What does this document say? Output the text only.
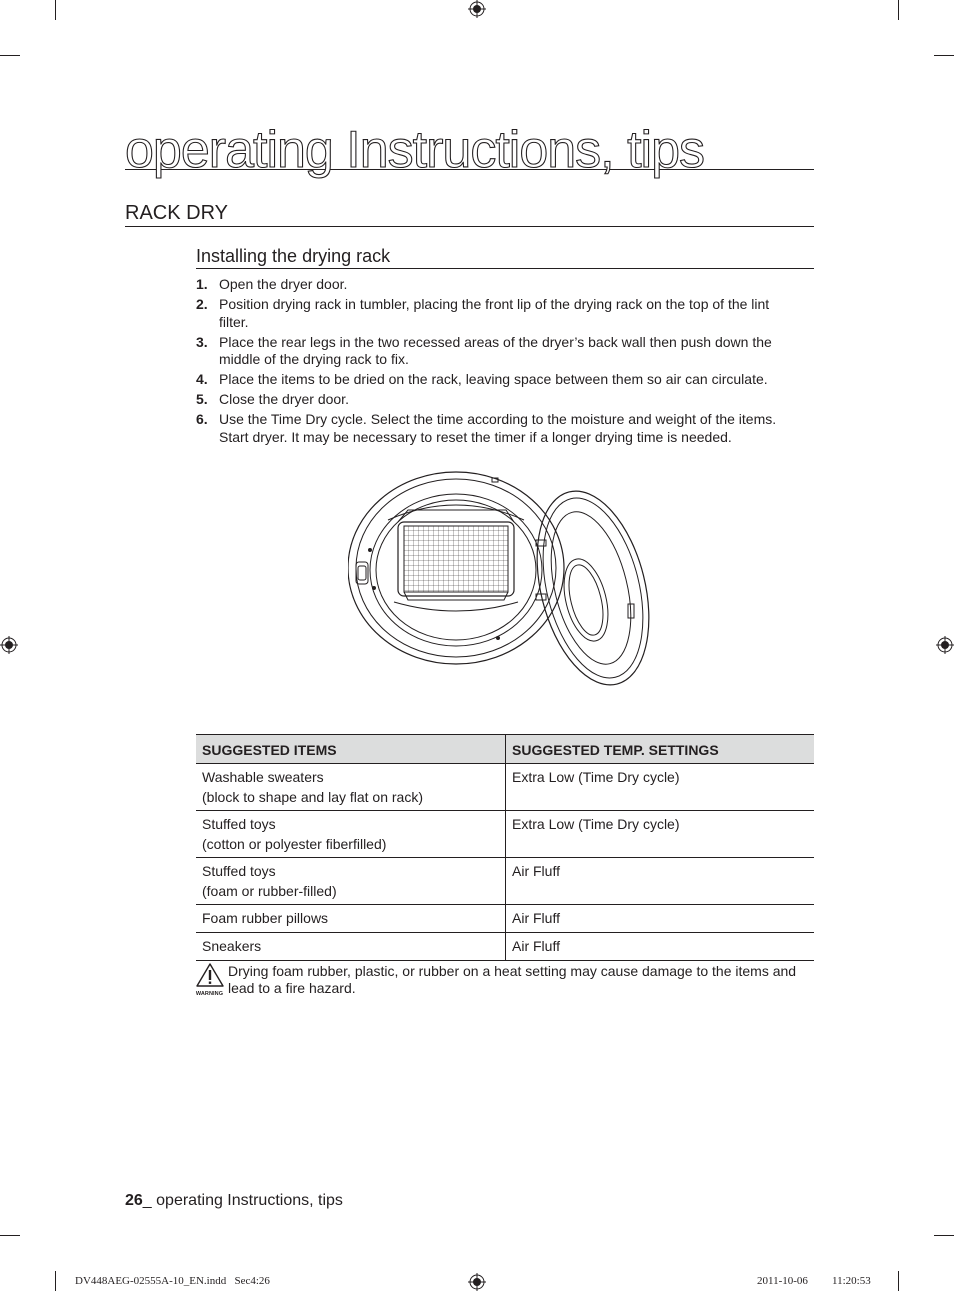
operating Instructions, tips
RACK DRY
Installing the drying rack
1. Open the dryer door.
2. Position drying rack in tumbler, placing the front lip of the drying rack on the top of the lint filter.
3. Place the rear legs in the two recessed areas of the dryer’s back wall then push down the middle of the drying rack to fix.
4. Place the items to be dried on the rack, leaving space between them so air can circulate.
5. Close the dryer door.
6. Use the Time Dry cycle. Select the time according to the moisture and weight of the items. Start dryer. It may be necessary to reset the timer if a longer drying time is needed.
SUGGESTED ITEMS	SUGGESTED TEMP. SETTINGS

Washable sweaters
(block to shape and lay flat on rack)	Extra Low (Time Dry cycle)

Stuffed toys
(cotton or polyester fiberfilled)	Extra Low (Time Dry cycle)

Stuffed toys
(foam or rubber-filled)	Air Fluff

Foam rubber pillows	Air Fluff

Sneakers	Air Fluff
WARNING
Drying foam rubber, plastic, or rubber on a heat setting may cause damage to the items and lead to a fire hazard.
26_ operating Instructions, tips
DV448AEG-02555A-10_EN.indd   Sec4:26	2011-10-06 11:20:53
